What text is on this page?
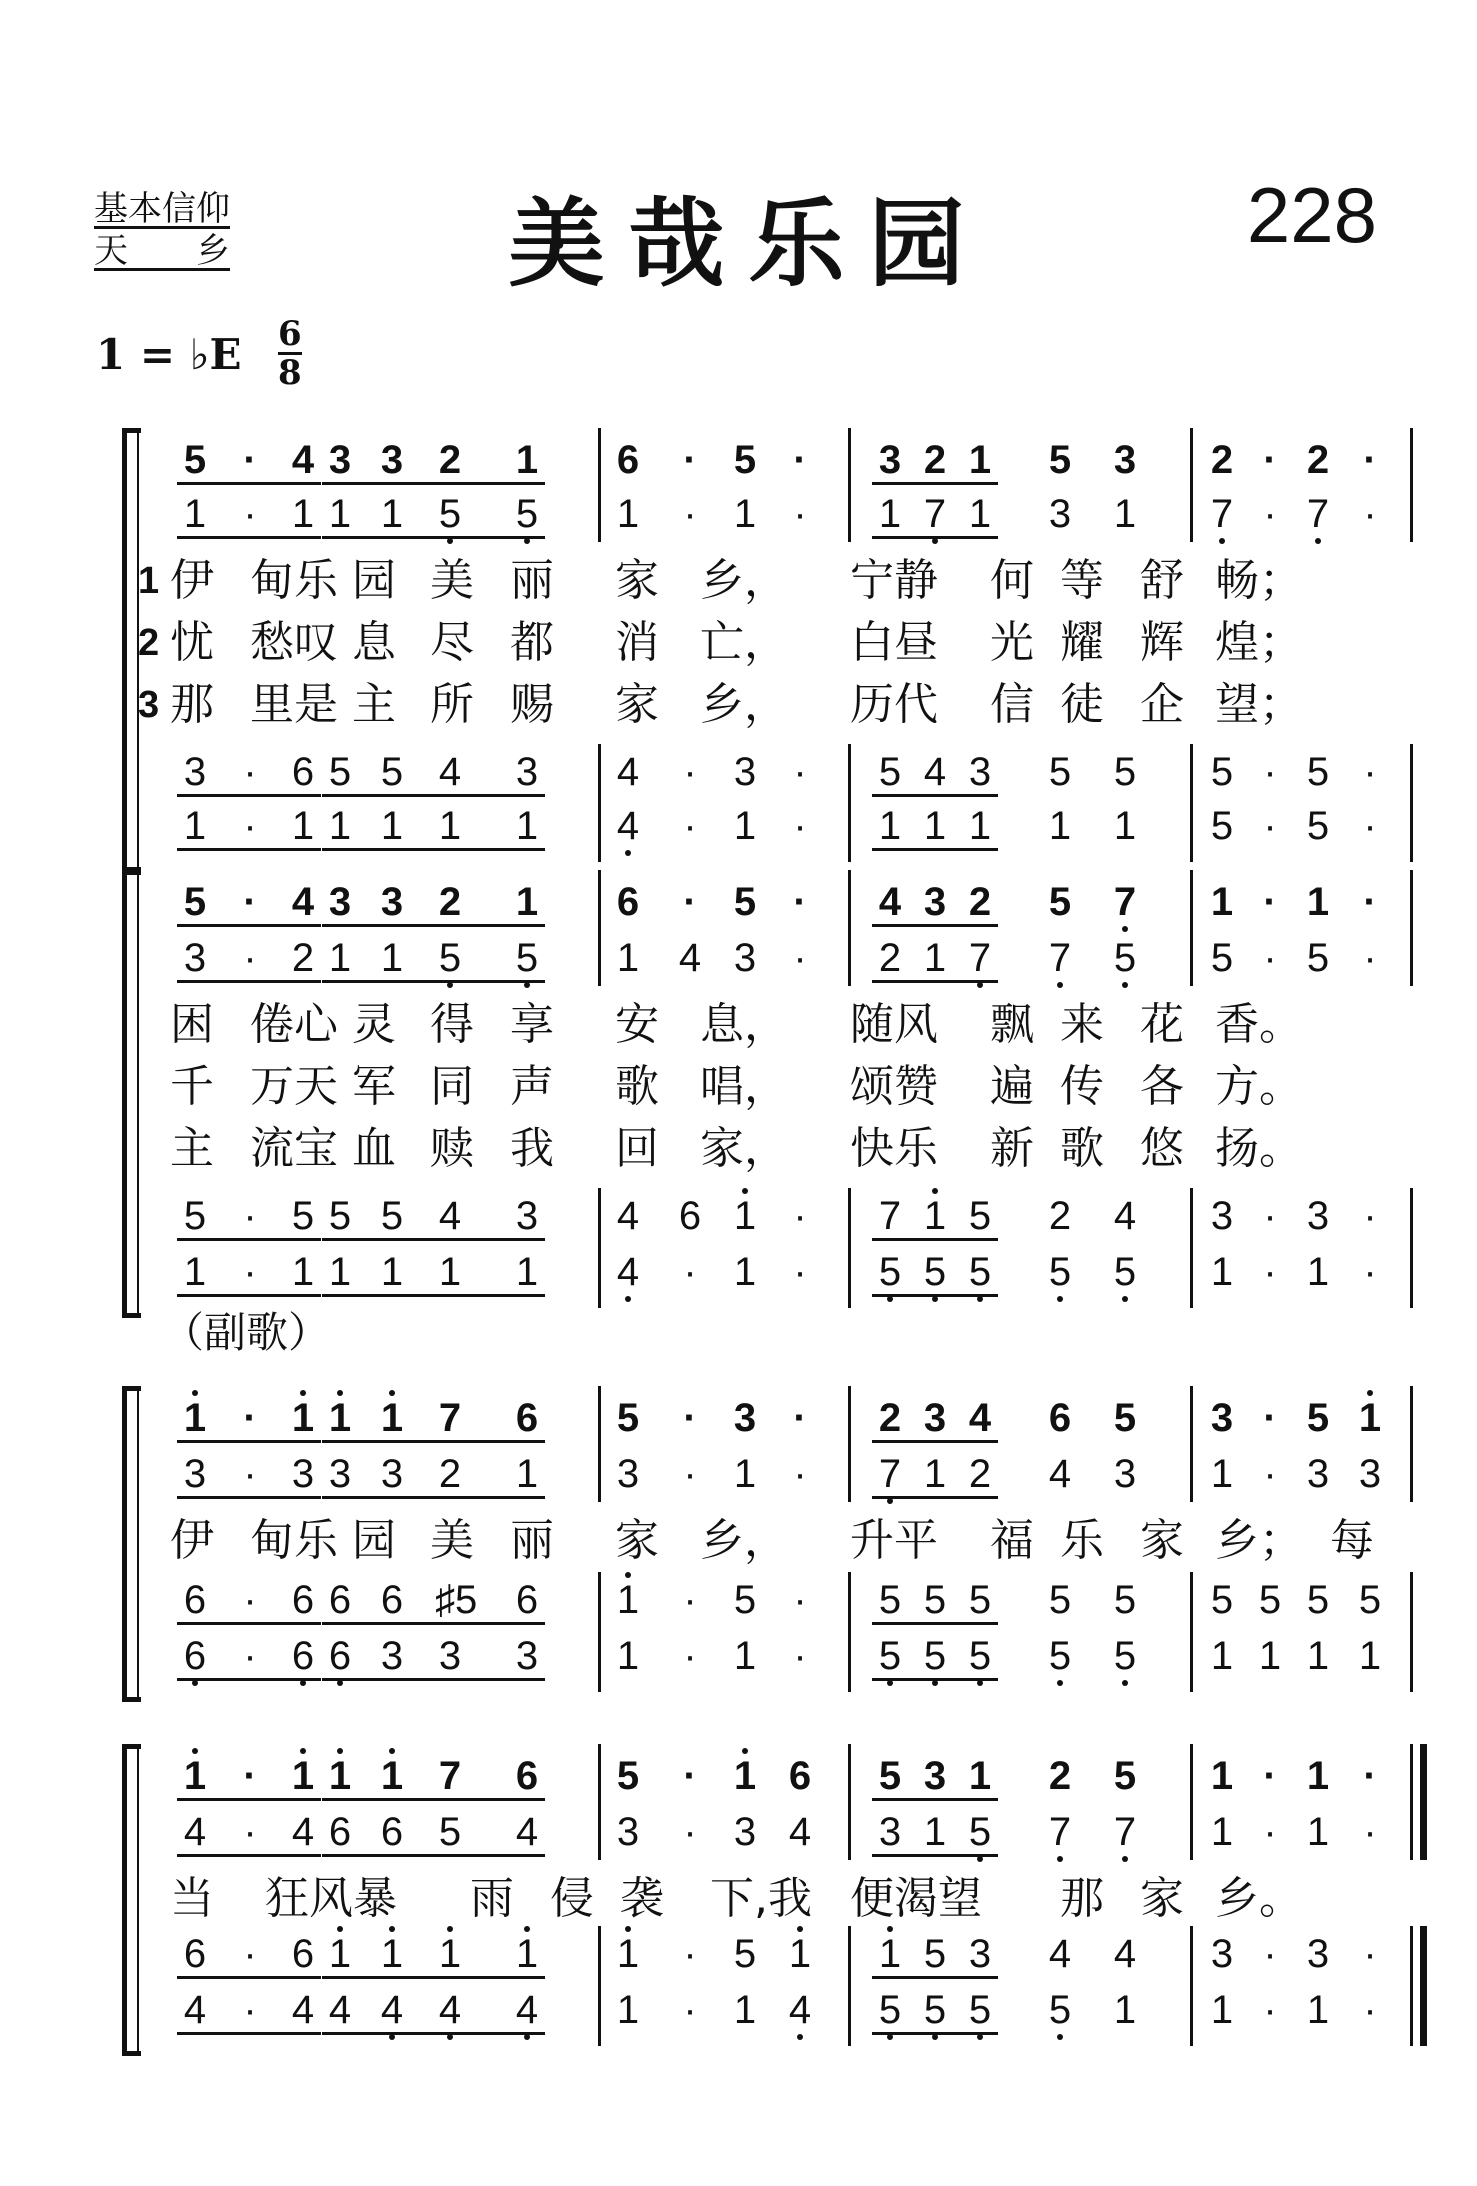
基本信仰
天　　乡	美哉乐园	228
1 = ♭E 6
8
（副歌）
5 · 4 3 3 2 1 6 · 5 · 3 2 1 5 3 2 · 2 ·
1 · 1 1 1 5 5 1 · 1 · 1 7 1 3 1 7 · 7 ·
3 · 6 5 5 4 3 4 · 3 · 5 4 3 5 5 5 · 5 ·
1 · 1 1 1 1 1 4 · 1 · 1 1 1 1 1 5 · 5 ·
1 伊 甸乐 园 美 丽 家 乡， 宁静 何 等 舒 畅；
2 忧 愁叹 息 尽 都 消 亡， 白昼 光 耀 辉 煌；
3 那 里是 主 所 赐 家 乡， 历代 信 徒 企 望；
5 · 4 3 3 2 1 6 · 5 · 4 3 2 5 7 1 · 1 ·
3 · 2 1 1 5 5 1 4 3 · 2 1 7 7 5 5 · 5 ·
5 · 5 5 5 4 3 4 6 1 · 7 1 5 2 4 3 · 3 ·
1 · 1 1 1 1 1 4 · 1 · 5 5 5 5 5 1 · 1 ·
困 倦心 灵 得 享 安 息， 随风 飘 来 花 香。
千 万天 军 同 声 歌 唱， 颂赞 遍 传 各 方。
主 流宝 血 赎 我 回 家， 快乐 新 歌 悠 扬。
1 · 1 1 1 7 6 5 · 3 · 2 3 4 6 5 3 · 5 1
3 · 3 3 3 2 1 3 · 1 · 7 1 2 4 3 1 · 3 3
6 · 6 6 6 ♯5 6 1 · 5 · 5 5 5 5 5 5 5 5 5
6 · 6 6 3 3 3 1 · 1 · 5 5 5 5 5 1 1 1 1
伊 甸乐 园 美 丽 家 乡， 升平 福 乐 家 乡； 每
1 · 1 1 1 7 6 5 · 1 6 5 3 1 2 5 1 · 1 ·
4 · 4 6 6 5 4 3 · 3 4 3 1 5 7 7 1 · 1 ·
6 · 6 1 1 1 1 1 · 5 1 1 5 3 4 4 3 · 3 ·
4 · 4 4 4 4 4 1 · 1 4 5 5 5 5 1 1 · 1 ·
当 狂风暴 雨 侵 袭 下,我 便渴望 那 家 乡。
